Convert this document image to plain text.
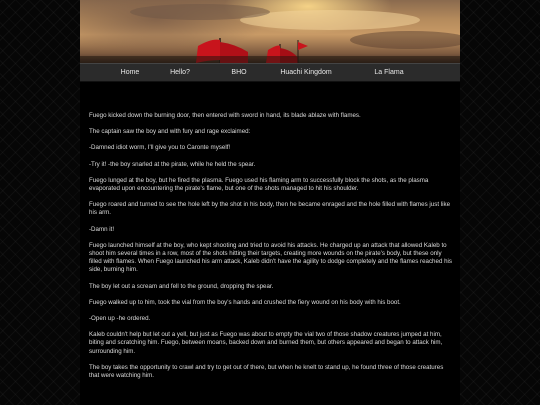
Home	Hello?	BHO	Huachi Kingdom	La Flama

Fuego kicked down the burning door, then entered with sword in hand, its blade ablaze with flames.

The captain saw the boy and with fury and rage exclaimed:

-Damned idiot worm, I'll give you to Caronte myself!

-Try it! -the boy snarled at the pirate, while he held the spear.

Fuego lunged at the boy, but he fired the plasma. Fuego used his flaming arm to successfully block the shots, as the plasma evaporated upon encountering the pirate's flame, but one of the shots managed to hit his shoulder.

Fuego roared and turned to see the hole left by the shot in his body, then he became enraged and the hole filled with flames just like his arm.

-Damn it!

Fuego launched himself at the boy, who kept shooting and tried to avoid his attacks. He charged up an attack that allowed Kaleb to shoot him several times in a row, most of the shots hitting their targets, creating more wounds on the pirate's body, but these only filled with flames. When Fuego launched his arm attack, Kaleb didn't have the agility to dodge completely and the flames reached his side, burning him.

The boy let out a scream and fell to the ground, dropping the spear.

Fuego walked up to him, took the vial from the boy's hands and crushed the fiery wound on his body with his boot.

-Open up -he ordered.

Kaleb couldn't help but let out a yell, but just as Fuego was about to empty the vial two of those shadow creatures jumped at him, biting and scratching him. Fuego, between moans, backed down and burned them, but others appeared and began to attack him, surrounding him.

The boy takes the opportunity to crawl and try to get out of there, but when he knelt to stand up, he found three of those creatures that were watching him.
